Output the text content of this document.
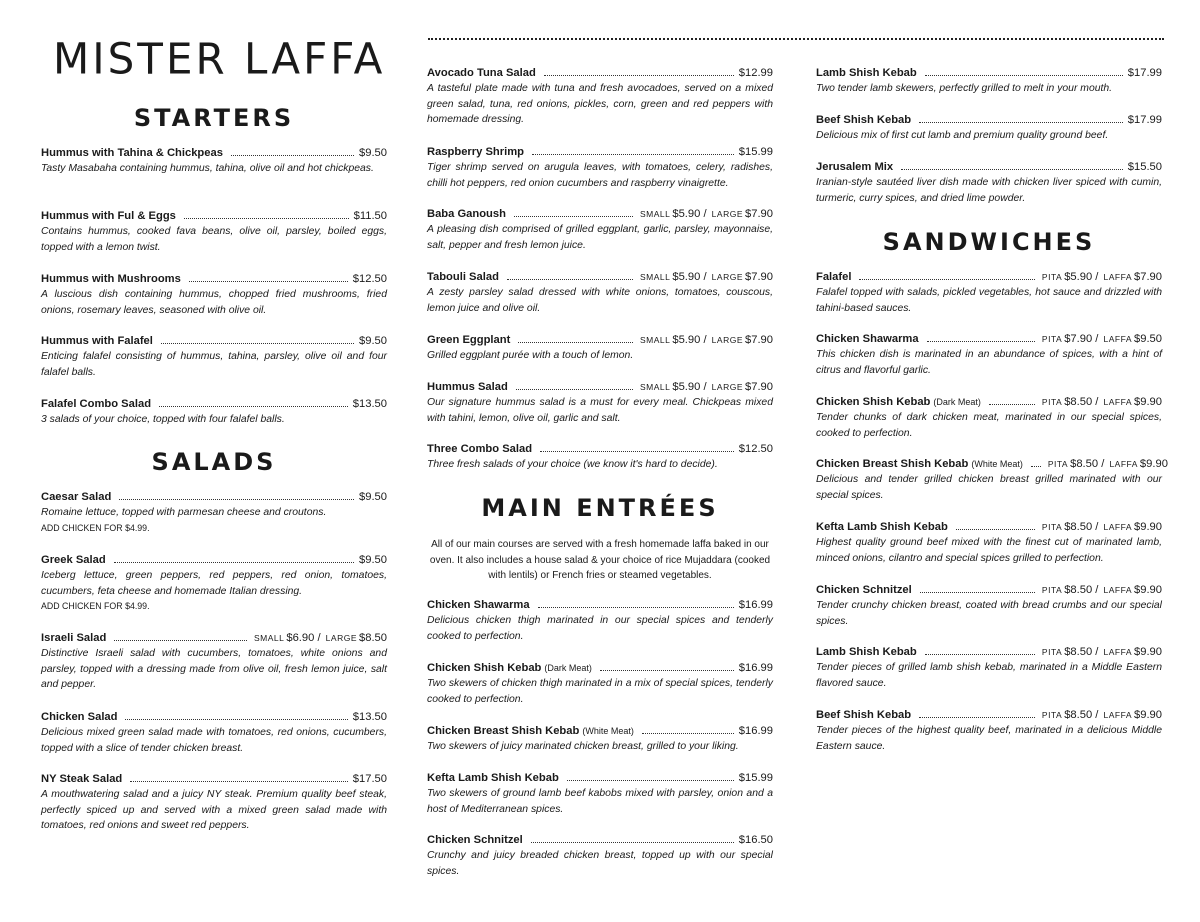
MISTER LAFFA
STARTERS
Hummus with Tahina & Chickpeas	$9.50
Tasty Masabaha containing hummus, tahina, olive oil and hot chickpeas.
Hummus with Ful & Eggs	$11.50
Contains hummus, cooked fava beans, olive oil, parsley, boiled eggs, topped with a lemon twist.
Hummus with Mushrooms	$12.50
A luscious dish containing hummus, chopped fried mushrooms, fried onions, rosemary leaves, seasoned with olive oil.
Hummus with Falafel	$9.50
Enticing falafel consisting of hummus, tahina, parsley, olive oil and four falafel balls.
Falafel Combo Salad	$13.50
3 salads of your choice, topped with four falafel balls.
SALADS
Caesar Salad	$9.50
Romaine lettuce, topped with parmesan cheese and croutons.
ADD CHICKEN FOR $4.99.
Greek Salad	$9.50
Iceberg lettuce, green peppers, red peppers, red onion, tomatoes, cucumbers, feta cheese and homemade Italian dressing.
ADD CHICKEN FOR $4.99.
Israeli Salad	SMALL $6.90 / LARGE $8.50
Distinctive Israeli salad with cucumbers, tomatoes, white onions and parsley, topped with a dressing made from olive oil, fresh lemon juice, salt and pepper.
Chicken Salad	$13.50
Delicious mixed green salad made with tomatoes, red onions, cucumbers, topped with a slice of tender chicken breast.
NY Steak Salad	$17.50
A mouthwatering salad and a juicy NY steak. Premium quality beef steak, perfectly spiced up and served with a mixed green salad made with tomatoes, red onions and sweet red peppers.
Avocado Tuna Salad	$12.99
A tasteful plate made with tuna and fresh avocadoes, served on a mixed green salad, tuna, red onions, pickles, corn, green and red peppers with homemade dressing.
Raspberry Shrimp	$15.99
Tiger shrimp served on arugula leaves, with tomatoes, celery, radishes, chilli hot peppers, red onion cucumbers and raspberry vinaigrette.
Baba Ganoush	SMALL $5.90 / LARGE $7.90
A pleasing dish comprised of grilled eggplant, garlic, parsley, mayonnaise, salt, pepper and fresh lemon juice.
Tabouli Salad	SMALL $5.90 / LARGE $7.90
A zesty parsley salad dressed with white onions, tomatoes, couscous, lemon juice and olive oil.
Green Eggplant	SMALL $5.90 / LARGE $7.90
Grilled eggplant purée with a touch of lemon.
Hummus Salad	SMALL $5.90 / LARGE $7.90
Our signature hummus salad is a must for every meal. Chickpeas mixed with tahini, lemon, olive oil, garlic and salt.
Three Combo Salad	$12.50
Three fresh salads of your choice (we know it's hard to decide).
MAIN ENTRÉES
All of our main courses are served with a fresh homemade laffa baked in our oven. It also includes a house salad & your choice of rice Mujaddara (cooked with lentils) or French fries or steamed vegetables.
Chicken Shawarma	$16.99
Delicious chicken thigh marinated in our special spices and tenderly cooked to perfection.
Chicken Shish Kebab (Dark Meat)	$16.99
Two skewers of chicken thigh marinated in a mix of special spices, tenderly cooked to perfection.
Chicken Breast Shish Kebab (White Meat)	$16.99
Two skewers of juicy marinated chicken breast, grilled to your liking.
Kefta Lamb Shish Kebab	$15.99
Two skewers of ground lamb beef kabobs mixed with parsley, onion and a host of Mediterranean spices.
Chicken Schnitzel	$16.50
Crunchy and juicy breaded chicken breast, topped up with our special spices.
Lamb Shish Kebab	$17.99
Two tender lamb skewers, perfectly grilled to melt in your mouth.
Beef Shish Kebab	$17.99
Delicious mix of first cut lamb and premium quality ground beef.
Jerusalem Mix	$15.50
Iranian-style sautéed liver dish made with chicken liver spiced with cumin, turmeric, curry spices, and dried lime powder.
SANDWICHES
Falafel	PITA $5.90 / LAFFA $7.90
Falafel topped with salads, pickled vegetables, hot sauce and drizzled with tahini-based sauces.
Chicken Shawarma	PITA $7.90 / LAFFA $9.50
This chicken dish is marinated in an abundance of spices, with a hint of citrus and flavorful garlic.
Chicken Shish Kebab (Dark Meat)	PITA $8.50 / LAFFA $9.90
Tender chunks of dark chicken meat, marinated in our special spices, cooked to perfection.
Chicken Breast Shish Kebab (White Meat)	PITA $8.50 / LAFFA $9.90
Delicious and tender grilled chicken breast grilled marinated with our special spices.
Kefta Lamb Shish Kebab	PITA $8.50 / LAFFA $9.90
Highest quality ground beef mixed with the finest cut of marinated lamb, minced onions, cilantro and special spices grilled to perfection.
Chicken Schnitzel	PITA $8.50 / LAFFA $9.90
Tender crunchy chicken breast, coated with bread crumbs and our special spices.
Lamb Shish Kebab	PITA $8.50 / LAFFA $9.90
Tender pieces of grilled lamb shish kebab, marinated in a Middle Eastern flavored sauce.
Beef Shish Kebab	PITA $8.50 / LAFFA $9.90
Tender pieces of the highest quality beef, marinated in a delicious Middle Eastern sauce.
